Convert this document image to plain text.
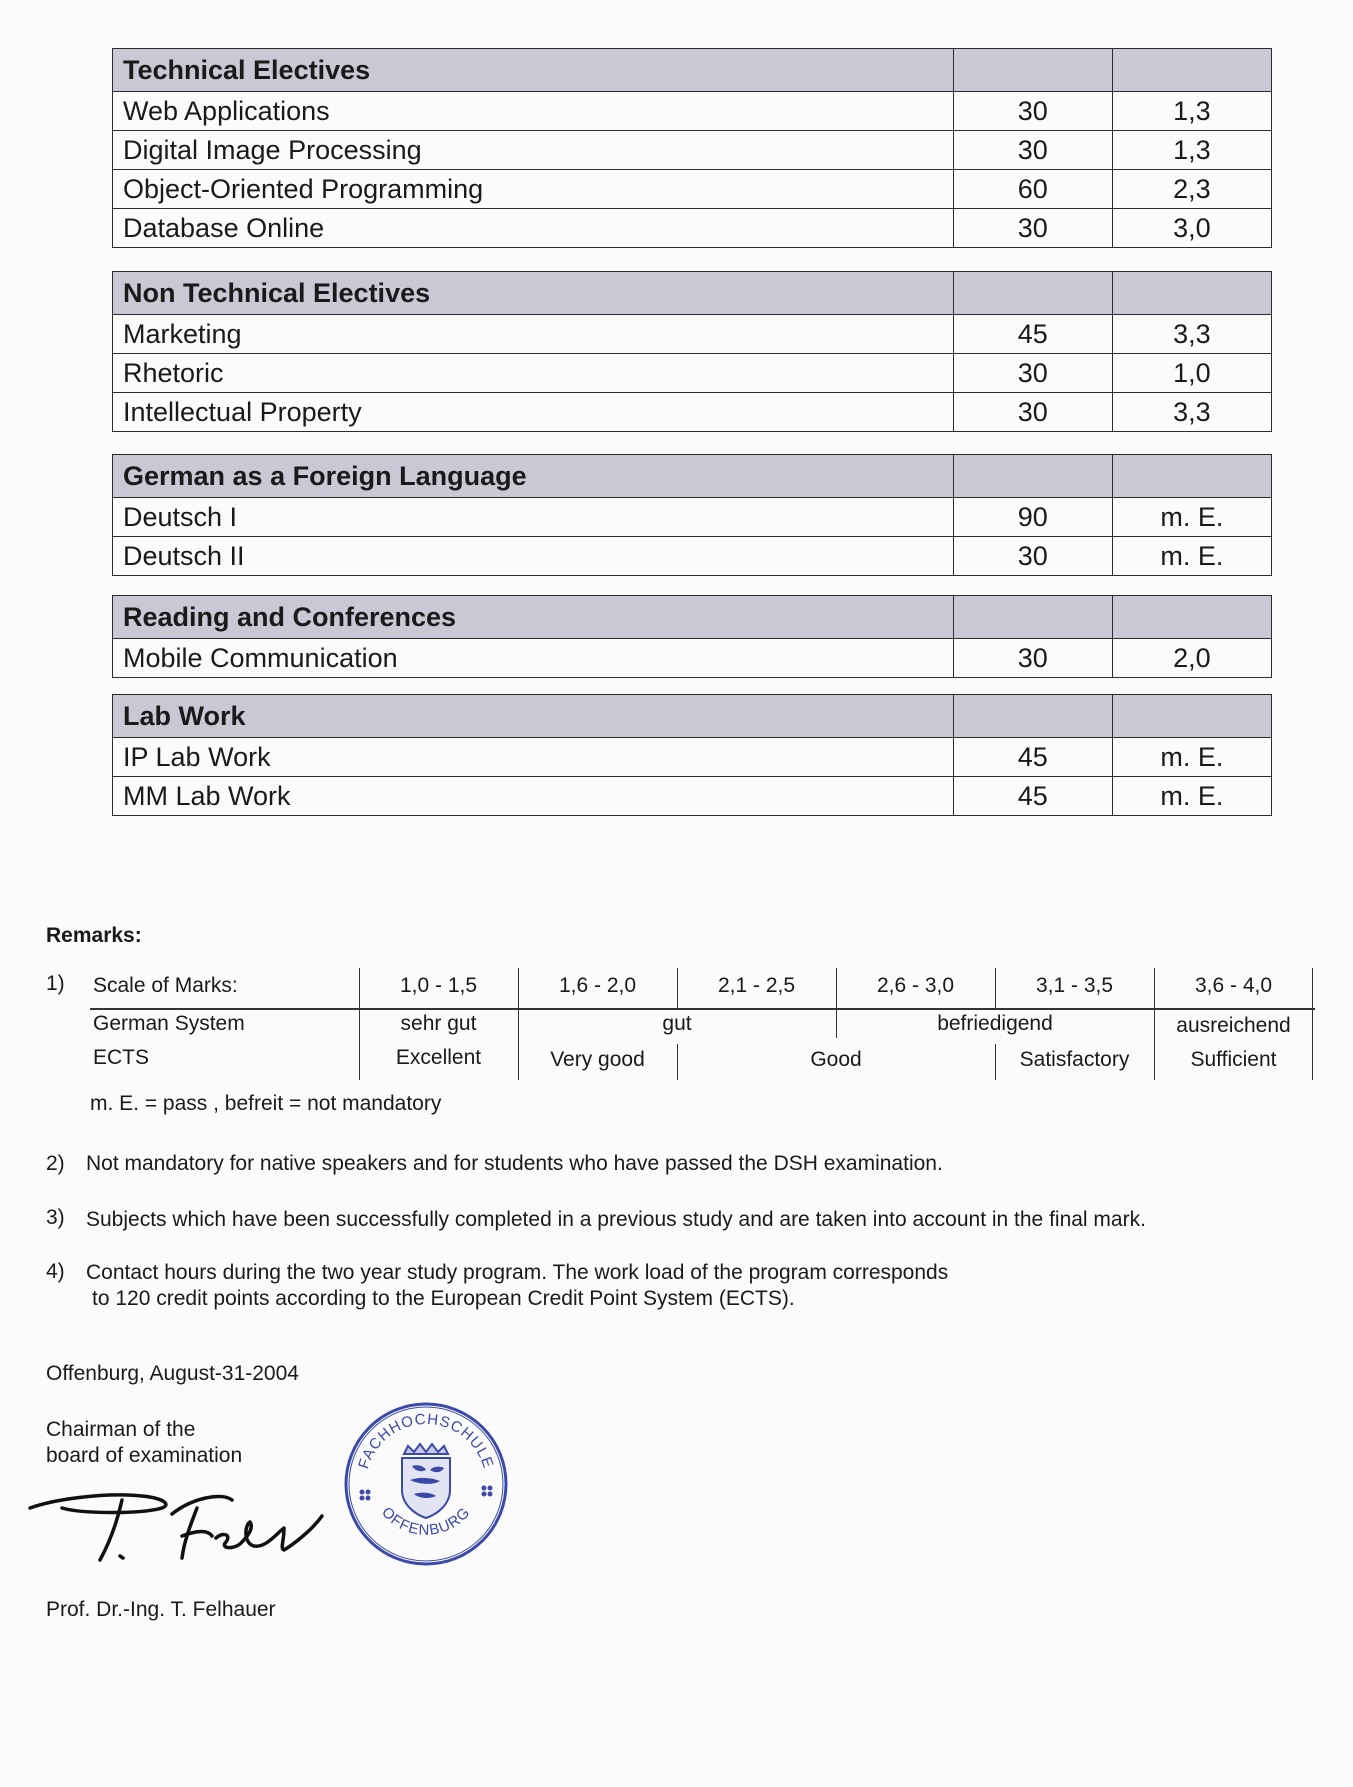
Technical Electives		
Web Applications	30	1,3
Digital Image Processing	30	1,3
Object-Oriented Programming	60	2,3
Database Online	30	3,0
Non Technical Electives		
Marketing	45	3,3
Rhetoric	30	1,0
Intellectual Property	30	3,3
German as a Foreign Language		
Deutsch I	90	m. E.
Deutsch II	30	m. E.
Reading and Conferences		
Mobile Communication	30	2,0
Lab Work		
IP Lab Work	45	m. E.
MM Lab Work	45	m. E.
Remarks:
1) Scale of Marks:	1,0 - 1,5	1,6 - 2,0	2,1 - 2,5	2,6 - 3,0	3,1 - 3,5	3,6 - 4,0
German System	sehr gut	gut	befriedigend	ausreichend
ECTS	Excellent	Very good	Good	Satisfactory	Sufficient
m. E. = pass , befreit = not mandatory
2) Not mandatory for native speakers and for students who have passed the DSH examination.
3) Subjects which have been successfully completed in a previous study and are taken into account in the final mark.
4) Contact hours during the two year study program. The work load of the program corresponds
to 120 credit points according to the European Credit Point System (ECTS).
Offenburg, August-31-2004
Chairman of the
board of examination	FACHHOCHSCHULE
OFFENBURG
Prof. Dr.-Ing. T. Felhauer
